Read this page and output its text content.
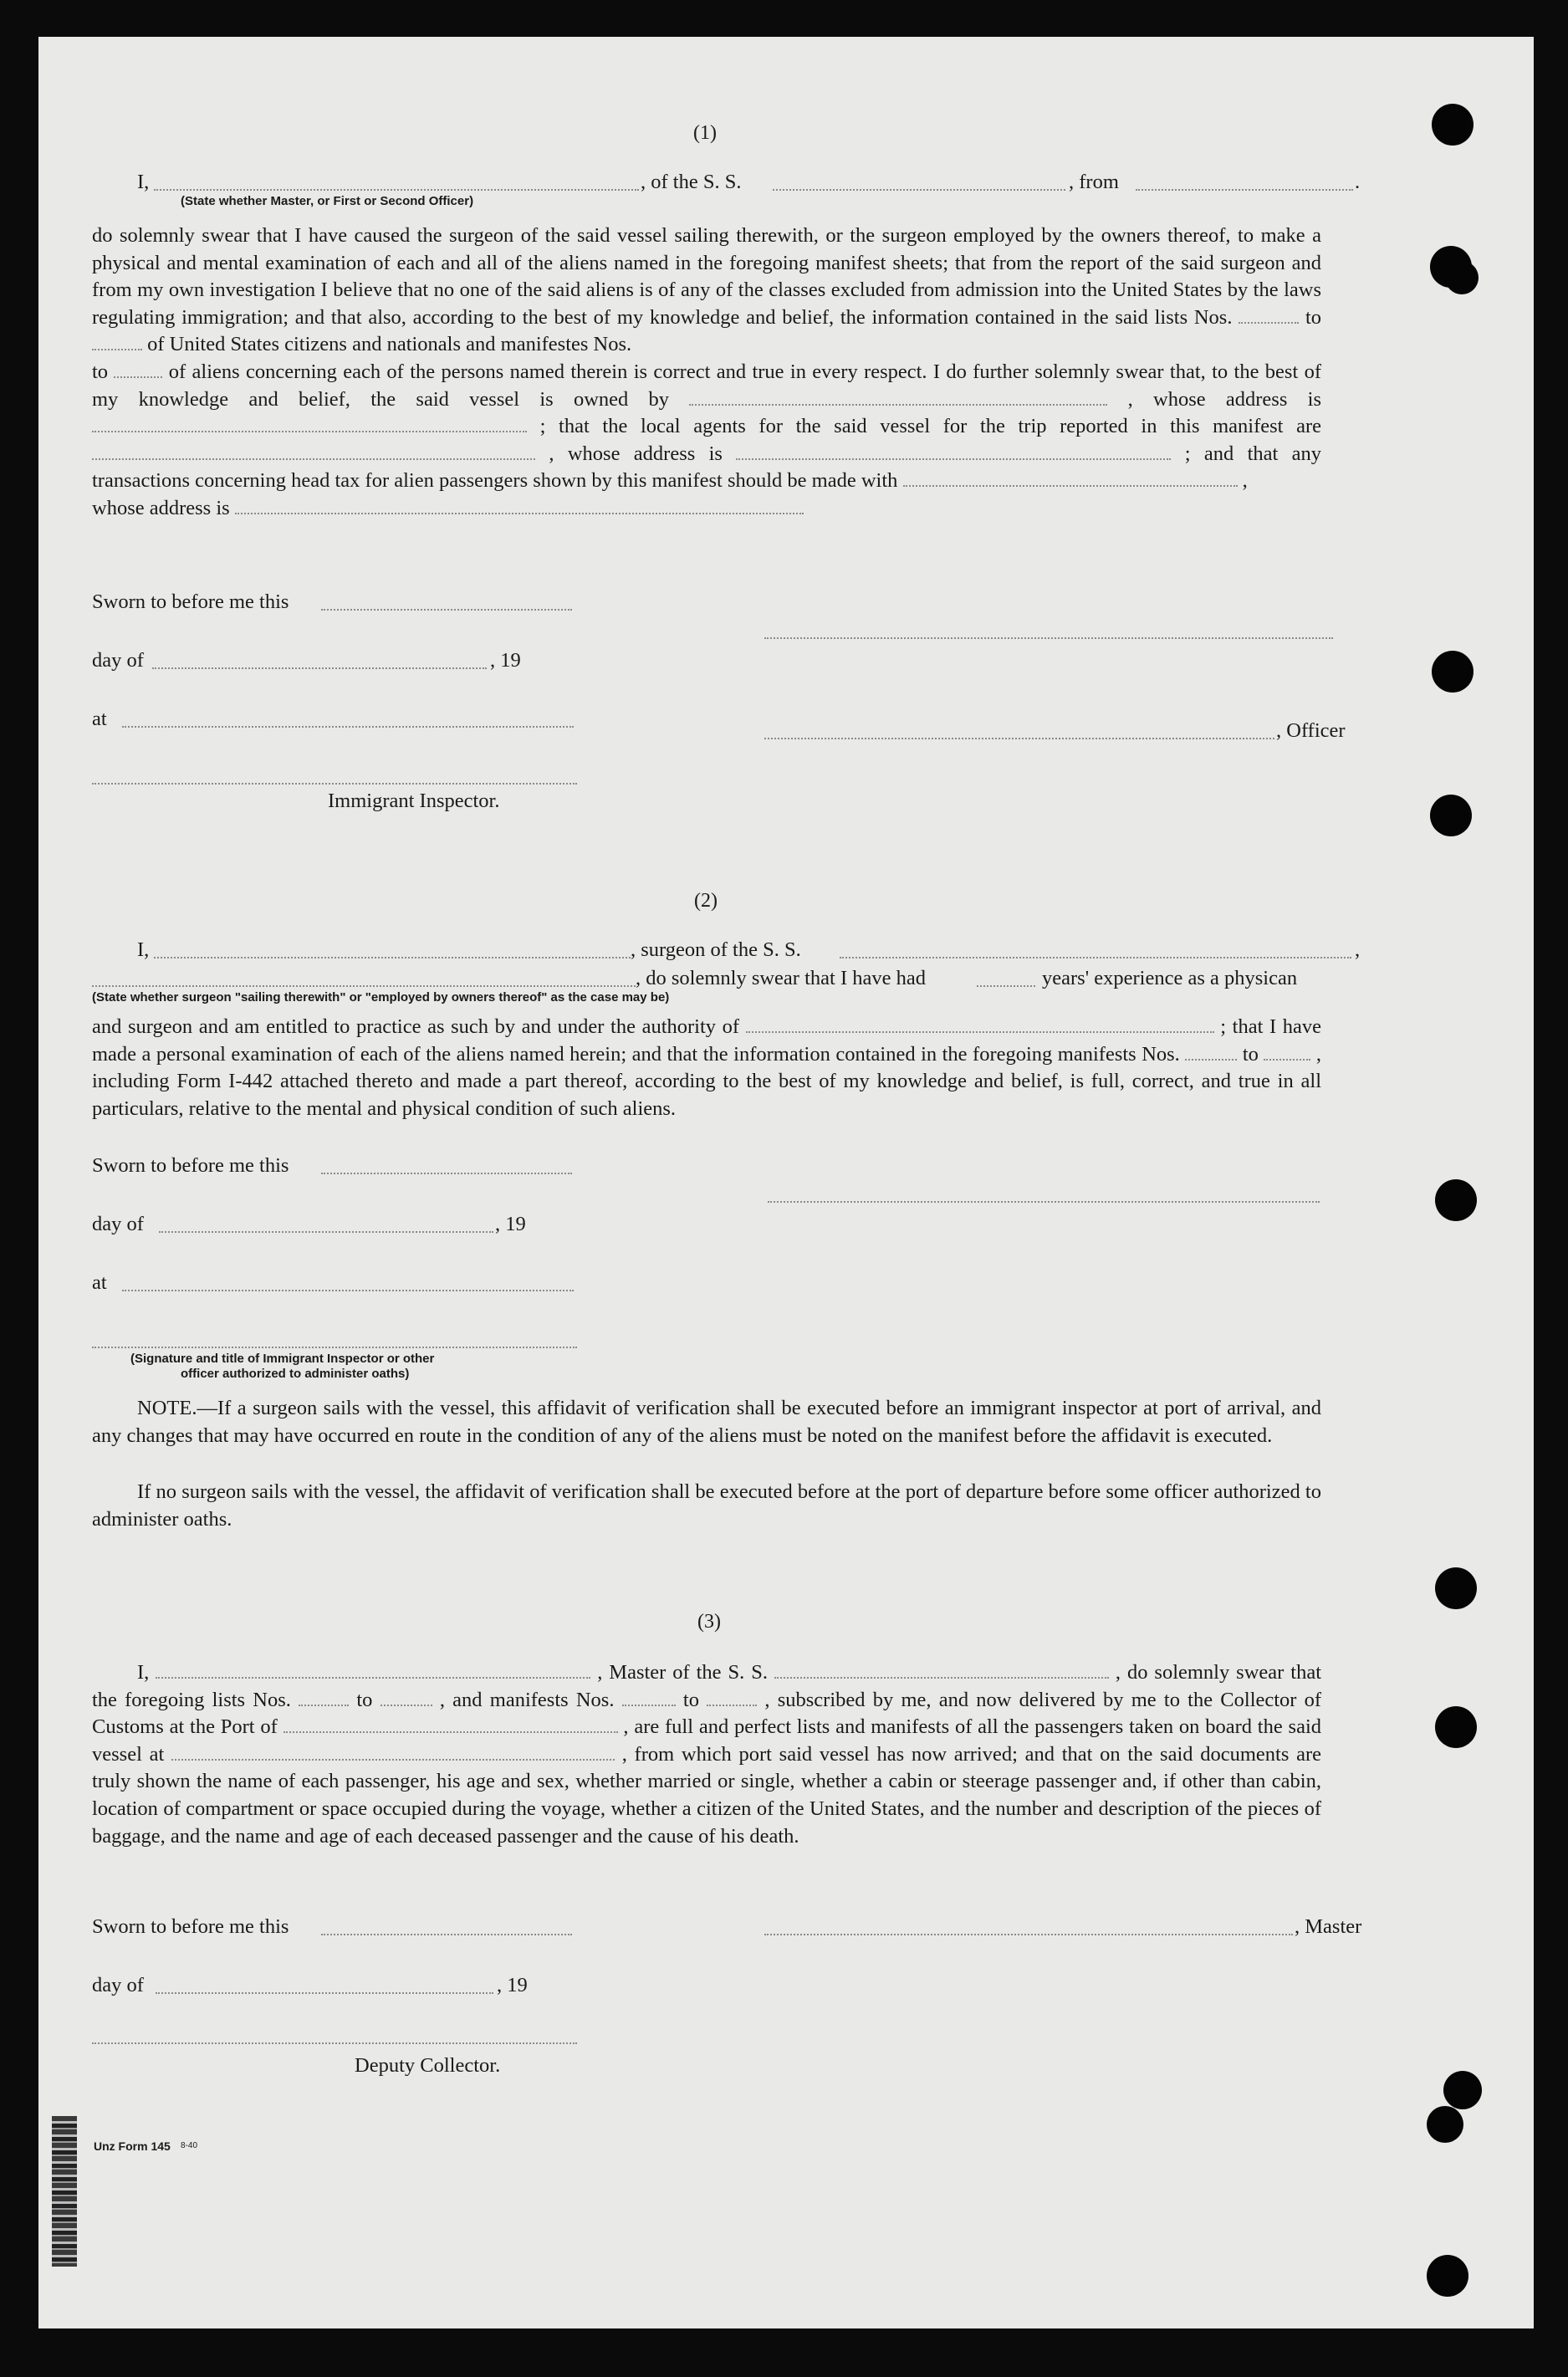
(1)
I,	, of the S. S.	, from	.
(State whether Master, or First or Second Officer)
do solemnly swear that I have caused the surgeon of the said vessel sailing therewith, or the surgeon employed by the owners thereof, to make a physical and mental examination of each and all of the aliens named in the foregoing manifest sheets; that from the report of the said surgeon and from my own investigation I believe that no one of the said aliens is of any of the classes excluded from admission into the United States by the laws regulating immigration; and that also, according to the best of my knowledge and belief, the information contained in the said lists Nos.	to  of United States citizens and nationals and manifestes Nos.
to	of aliens concerning each of the persons named therein is correct and true in every respect. I do further solemnly swear that, to the best of my knowledge and belief, the said vessel is owned by	, whose address is  ; that the local agents for the said vessel for the trip reported in this manifest are  , whose address is	; and that any transactions concerning head tax for alien passengers shown by this manifest should be made with	,
whose address is
Sworn to before me this
day of	, 19
at
, Officer
Immigrant Inspector.
(2)
I,	, surgeon of the S. S.	,
, do solemnly swear that I have had	years' experience as a physican
(State whether surgeon "sailing therewith" or "employed by owners thereof" as the case may be)
and surgeon and am entitled to practice as such by and under the authority of	; that I have made a personal examination of each of the aliens named herein; and that the information contained in the foregoing manifests Nos.	to	, including Form I-442 attached thereto and made a part thereof, according to the best of my knowledge and belief, is full, correct, and true in all particulars, relative to the mental and physical condition of such aliens.
Sworn to before me this
day of	, 19
at
(Signature and title of Immigrant Inspector or other
officer authorized to administer oaths)
NOTE.—If a surgeon sails with the vessel, this affidavit of verification shall be executed before an immigrant inspector at port of arrival, and any changes that may have occurred en route in the condition of any of the aliens must be noted on the manifest before the affidavit is executed.
If no surgeon sails with the vessel, the affidavit of verification shall be executed before at the port of departure before some officer authorized to administer oaths.
(3)
I,	, Master of the S. S.	, do solemnly swear that the foregoing lists Nos.	to	, and manifests Nos.	to	, subscribed by me, and now delivered by me to the Collector of Customs at the Port of	, are full and perfect lists and manifests of all the passengers taken on board the said vessel at	, from which port said vessel has now arrived; and that on the said documents are truly shown the name of each passenger, his age and sex, whether married or single, whether a cabin or steerage passenger and, if other than cabin, location of compartment or space occupied during the voyage, whether a citizen of the United States, and the number and description of the pieces of baggage, and the name and age of each deceased passenger and the cause of his death.
Sworn to before me this	, Master
day of	, 19
Deputy Collector.
Unz Form 145 8-40
